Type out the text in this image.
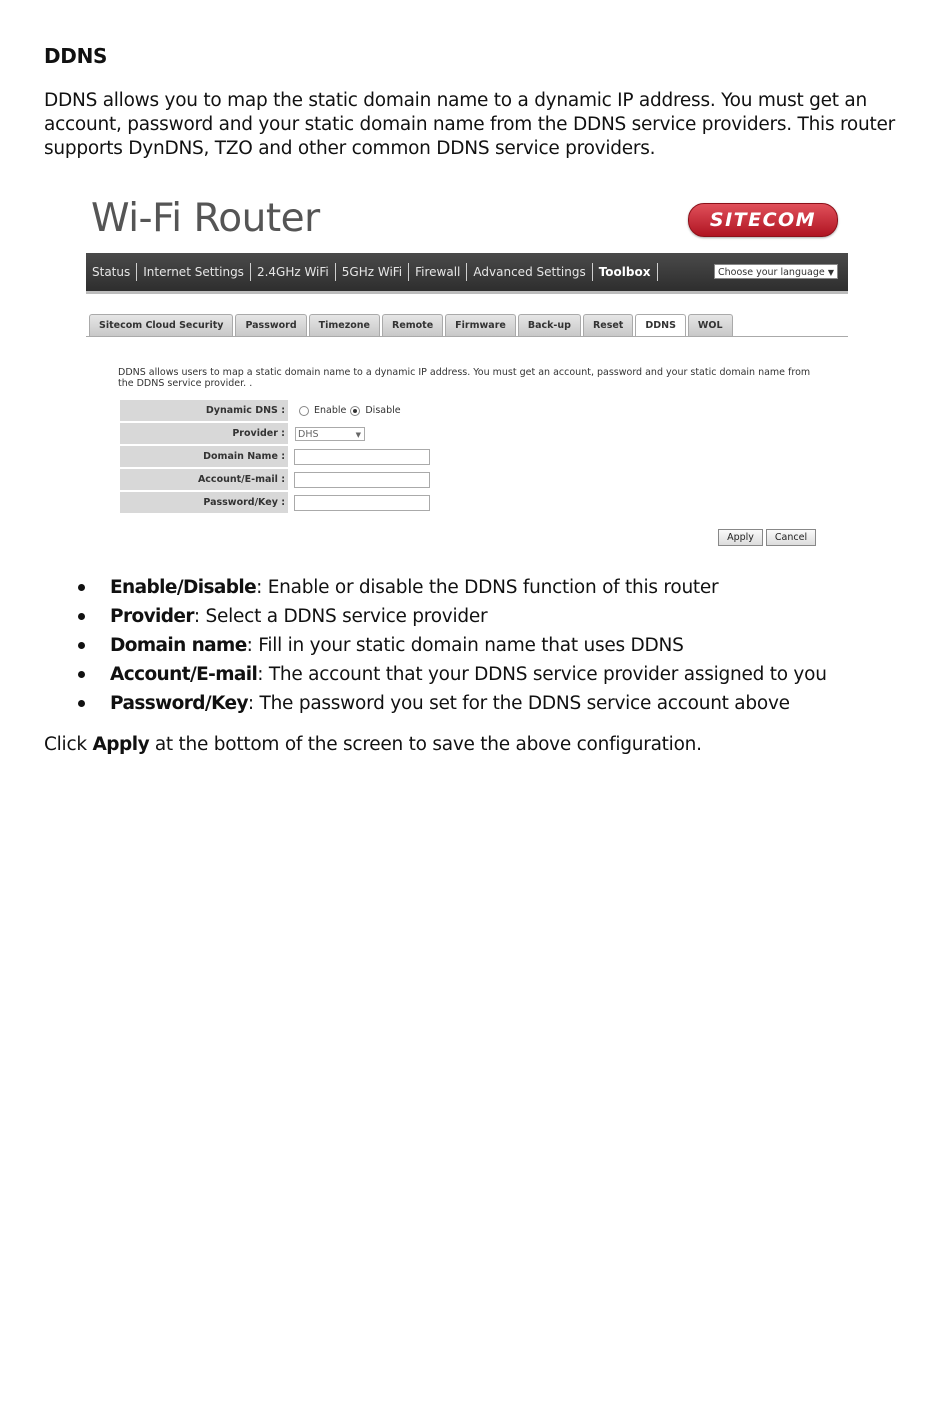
DDNS
DDNS allows you to map the static domain name to a dynamic IP address. You must get an account, password and your static domain name from the DDNS service providers. This router supports DynDNS, TZO and other common DDNS service providers.
Wi-Fi Router	SITECOM
Status	Internet Settings	2.4GHz WiFi	5GHz WiFi	Firewall	Advanced Settings	Toolbox	Choose your language ▼
Sitecom Cloud Security	Password	Timezone	Remote	Firmware	Back-up	Reset	DDNS	WOL
DDNS allows users to map a static domain name to a dynamic IP address. You must get an account, password and your static domain name from the DDNS service provider. .
Dynamic DNS :	Enable Disable
Provider :	DHS	▼
Domain Name :
Account/E-mail :
Password/Key :
Apply	Cancel
Enable/Disable: Enable or disable the DDNS function of this router
Provider: Select a DDNS service provider
Domain name: Fill in your static domain name that uses DDNS
Account/E-mail: The account that your DDNS service provider assigned to you
Password/Key: The password you set for the DDNS service account above
Click Apply at the bottom of the screen to save the above configuration.
